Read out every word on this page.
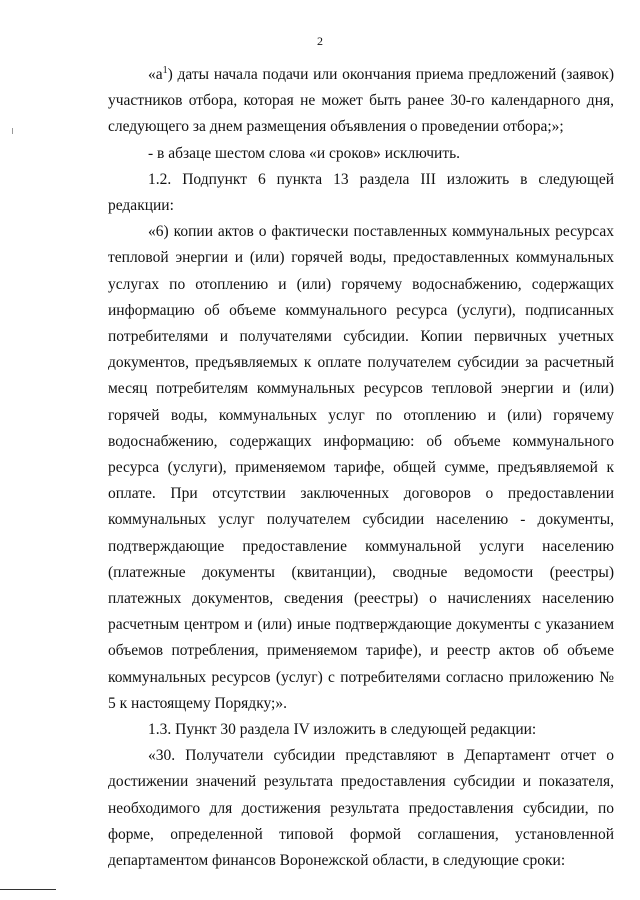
2

«$а^1$) даты начала подачи или окончания приема предложений (заявок) участников отбора, которая не может быть ранее 30-го календарного дня, следующего за днем размещения объявления о проведении отбора;»;

- в абзаце шестом слова «и сроков» исключить.

1.2. Подпункт 6 пункта 13 раздела III изложить в следующей редакции:

«6) копии актов о фактически поставленных коммунальных ресурсах тепловой энергии и (или) горячей воды, предоставленных коммунальных услугах по отоплению и (или) горячему водоснабжению, содержащих информацию об объеме коммунального ресурса (услуги), подписанных потребителями и получателями субсидии. Копии первичных учетных документов, предъявляемых к оплате получателем субсидии за расчетный месяц потребителям коммунальных ресурсов тепловой энергии и (или) горячей воды, коммунальных услуг по отоплению и (или) горячему водоснабжению, содержащих информацию: об объеме коммунального ресурса (услуги), применяемом тарифе, общей сумме, предъявляемой к оплате. При отсутствии заключенных договоров о предоставлении коммунальных услуг получателем субсидии населению - документы, подтверждающие предоставление коммунальной услуги населению (платежные документы (квитанции), сводные ведомости (реестры) платежных документов, сведения (реестры) о начислениях населению расчетным центром и (или) иные подтверждающие документы с указанием объемов потребления, применяемом тарифе), и реестр актов об объеме коммунальных ресурсов (услуг) с потребителями согласно приложению № 5 к настоящему Порядку;».

1.3. Пункт 30 раздела IV изложить в следующей редакции:

«30. Получатели субсидии представляют в Департамент отчет о достижении значений результата предоставления субсидии и показателя, необходимого для достижения результата предоставления субсидии, по форме, определенной типовой формой соглашения, установленной департаментом финансов Воронежской области, в следующие сроки:
